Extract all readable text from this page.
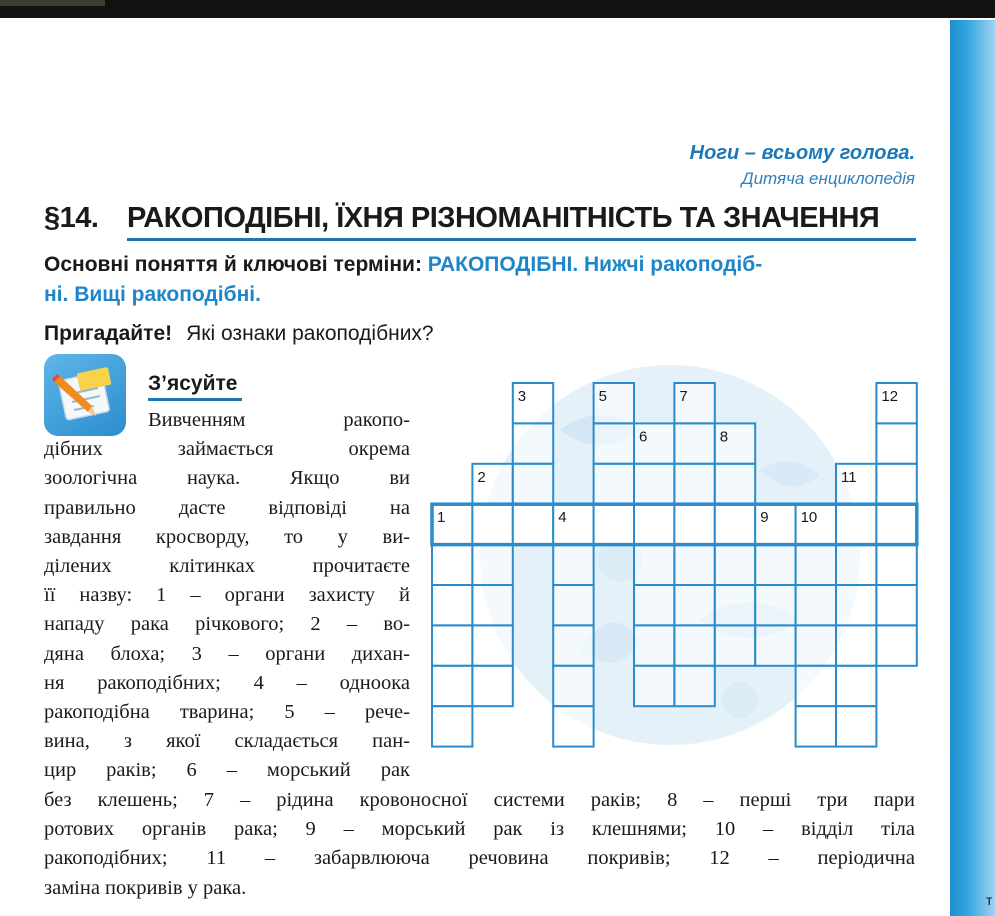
т
Ноги – всьому голова.
Дитяча енциклопедія
§14. РАКОПОДІБНІ, ЇХНЯ РІЗНОМАНІТНІСТЬ ТА ЗНАЧЕННЯ
Основні поняття й ключові терміни: РАКОПОДІБНІ. Нижчі ракоподіб-
ні. Вищі ракоподібні.
Пригадайте! Які ознаки ракоподібних?
З’ясуйте
Вивченням ракопо-
дібних займається окрема
зоологічна наука. Якщо ви
правильно дасте відповіді на
завдання кросворду, то у ви-
ділених клітинках прочитаєте
її назву: 1 – органи захисту й
нападу рака річкового; 2 – во-
дяна блоха; 3 – органи дихан-
ня ракоподібних; 4 – одноока
ракоподібна тварина; 5 – рече-
вина, з якої складається пан-
цир раків; 6 – морський рак
без клешень; 7 – рідина кровоносної системи раків; 8 – перші три пари
ротових органів рака; 9 – морський рак із клешнями; 10 – відділ тіла
ракоподібних; 11 – забарвлююча речовина покривів; 12 – періодична
заміна покривів у рака.
1
2
3
4
5
6
7
8
9 10
11
12
